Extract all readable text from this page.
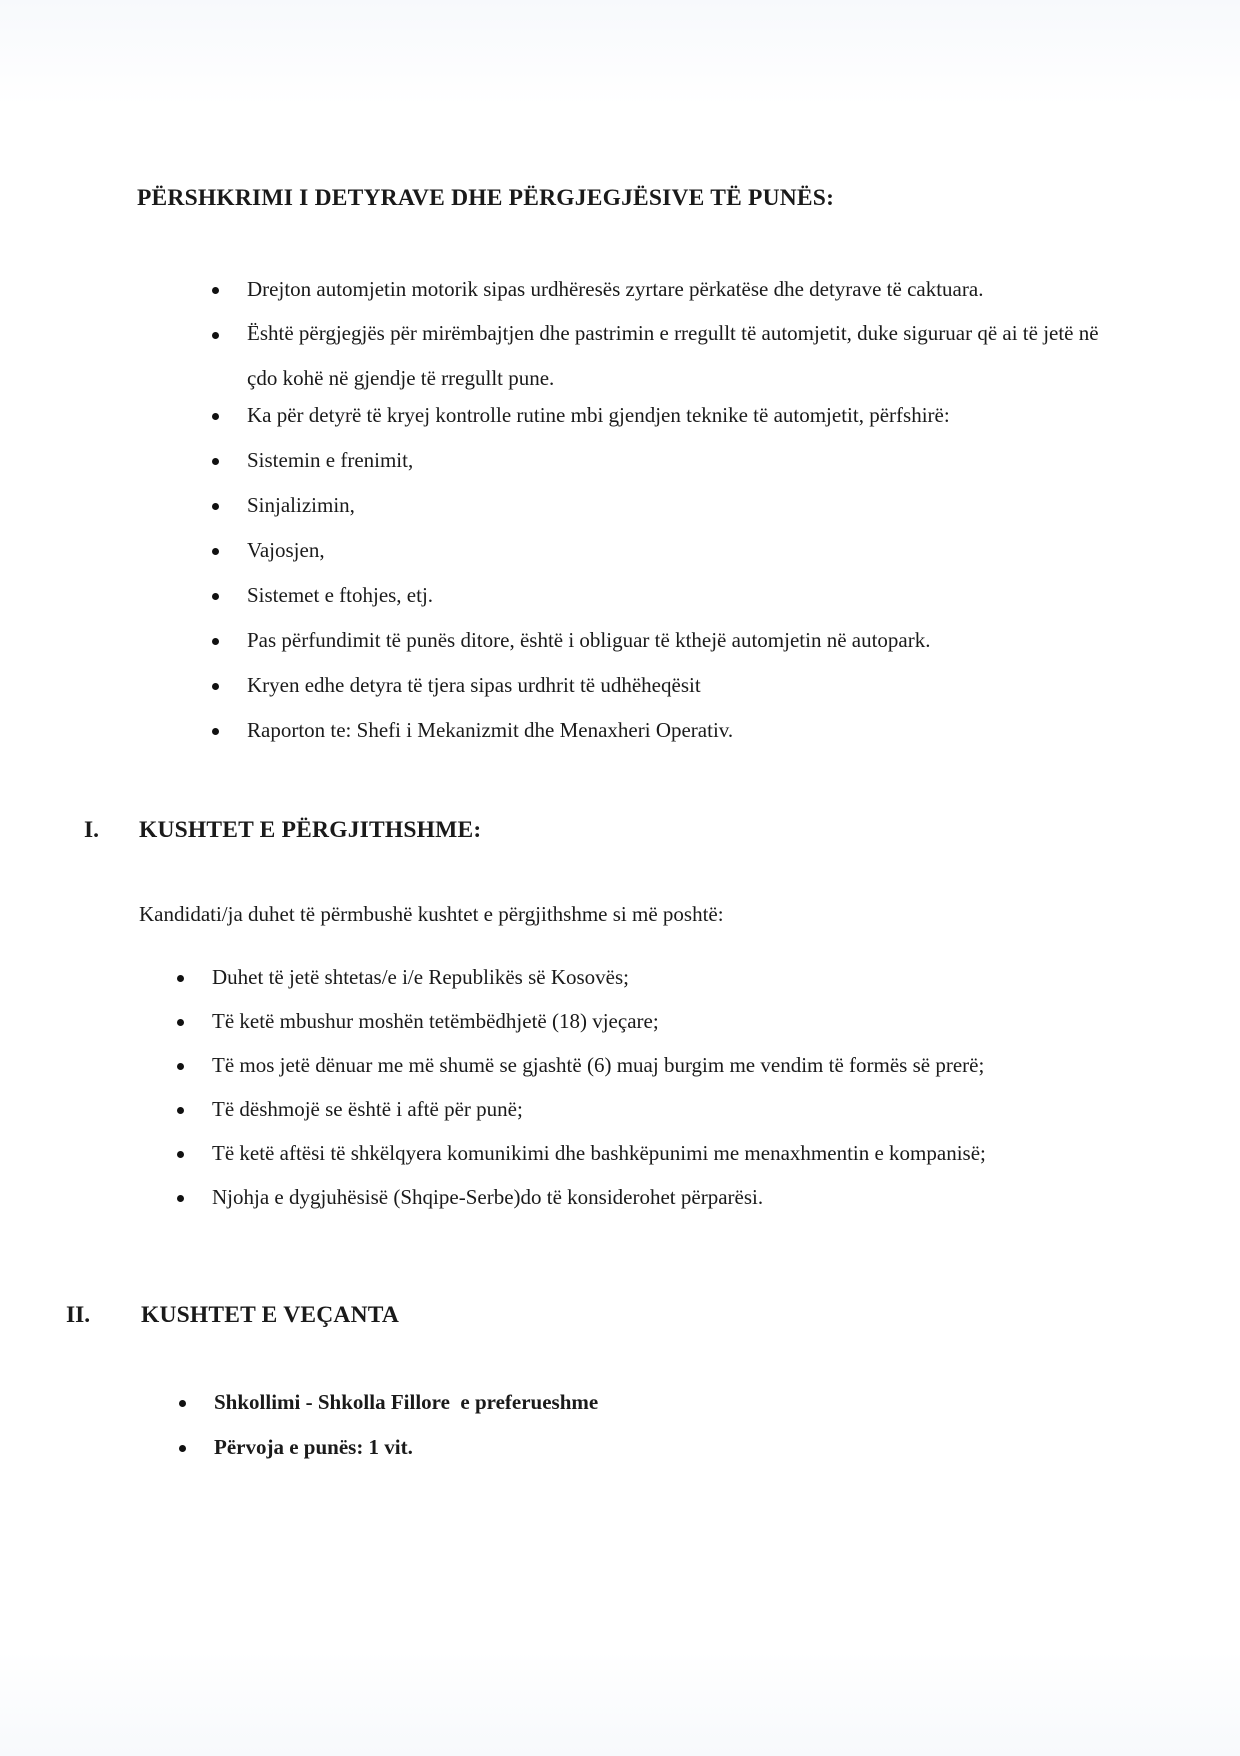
PËRSHKRIMI I DETYRAVE DHE PËRGJEGJËSIVE TË PUNËS:
Drejton automjetin motorik sipas urdhëresës zyrtare përkatëse dhe detyrave të caktuara.
Është përgjegjës për mirëmbajtjen dhe pastrimin e rregullt të automjetit, duke siguruar që ai të jetë në çdo kohë në gjendje të rregullt pune.
Ka për detyrë të kryej kontrolle rutine mbi gjendjen teknike të automjetit, përfshirë:
Sistemin e frenimit,
Sinjalizimin,
Vajosjen,
Sistemet e ftohjes, etj.
Pas përfundimit të punës ditore, është i obliguar të kthejë automjetin në autopark.
Kryen edhe detyra të tjera sipas urdhrit të udhëheqësit
Raporton te: Shefi i Mekanizmit dhe Menaxheri Operativ.
I. KUSHTET E PËRGJITHSHME:
Kandidati/ja duhet të përmbushë kushtet e përgjithshme si më poshtë:
Duhet të jetë shtetas/e i/e Republikës së Kosovës;
Të ketë mbushur moshën tetëmbëdhjetë (18) vjeçare;
Të mos jetë dënuar me më shumë se gjashtë (6) muaj burgim me vendim të formës së prerë;
Të dëshmojë se është i aftë për punë;
Të ketë aftësi të shkëlqyera komunikimi dhe bashkëpunimi me menaxhmentin e kompanisë;
Njohja e dygjuhësisë (Shqipe-Serbe)do të konsiderohet përparësi.
II. KUSHTET E VEÇANTA
Shkollimi - Shkolla Fillore  e preferueshme
Përvoja e punës: 1 vit.
